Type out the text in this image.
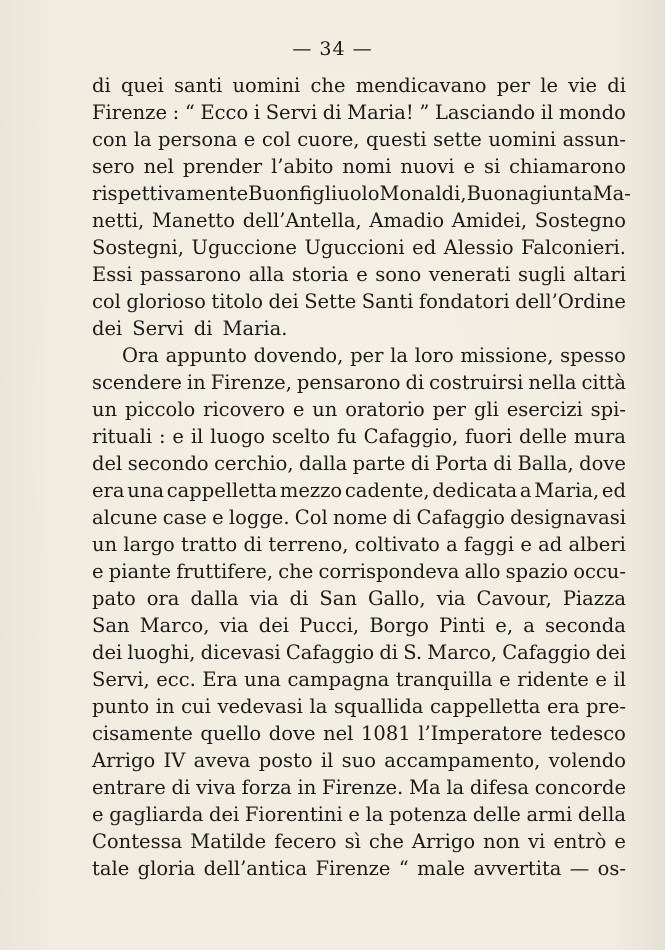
— 34 —
di quei santi uomini che mendicavano per le vie di
Firenze : “ Ecco i Servi di Maria! ” Lasciando il mondo
con la persona e col cuore, questi sette uomini assun-
sero nel prender l’abito nomi nuovi e si chiamarono
rispettivamente Buonfigliuolo Monaldi, Buonagiunta Ma-
netti, Manetto dell’Antella, Amadio Amidei, Sostegno
Sostegni, Uguccione Uguccioni ed Alessio Falconieri.
Essi passarono alla storia e sono venerati sugli altari
col glorioso titolo dei Sette Santi fondatori dell’Ordine
dei Servi di Maria.
Ora appunto dovendo, per la loro missione, spesso
scendere in Firenze, pensarono di costruirsi nella città
un piccolo ricovero e un oratorio per gli esercizi spi-
rituali : e il luogo scelto fu Cafaggio, fuori delle mura
del secondo cerchio, dalla parte di Porta di Balla, dove
era una cappelletta mezzo cadente, dedicata a Maria, ed
alcune case e logge. Col nome di Cafaggio designavasi
un largo tratto di terreno, coltivato a faggi e ad alberi
e piante fruttifere, che corrispondeva allo spazio occu-
pato ora dalla via di San Gallo, via Cavour, Piazza
San Marco, via dei Pucci, Borgo Pinti e, a seconda
dei luoghi, dicevasi Cafaggio di S. Marco, Cafaggio dei
Servi, ecc. Era una campagna tranquilla e ridente e il
punto in cui vedevasi la squallida cappelletta era pre-
cisamente quello dove nel 1081 l’Imperatore tedesco
Arrigo IV aveva posto il suo accampamento, volendo
entrare di viva forza in Firenze. Ma la difesa concorde
e gagliarda dei Fiorentini e la potenza delle armi della
Contessa Matilde fecero sì che Arrigo non vi entrò e
tale gloria dell’antica Firenze “ male avvertita — os-
